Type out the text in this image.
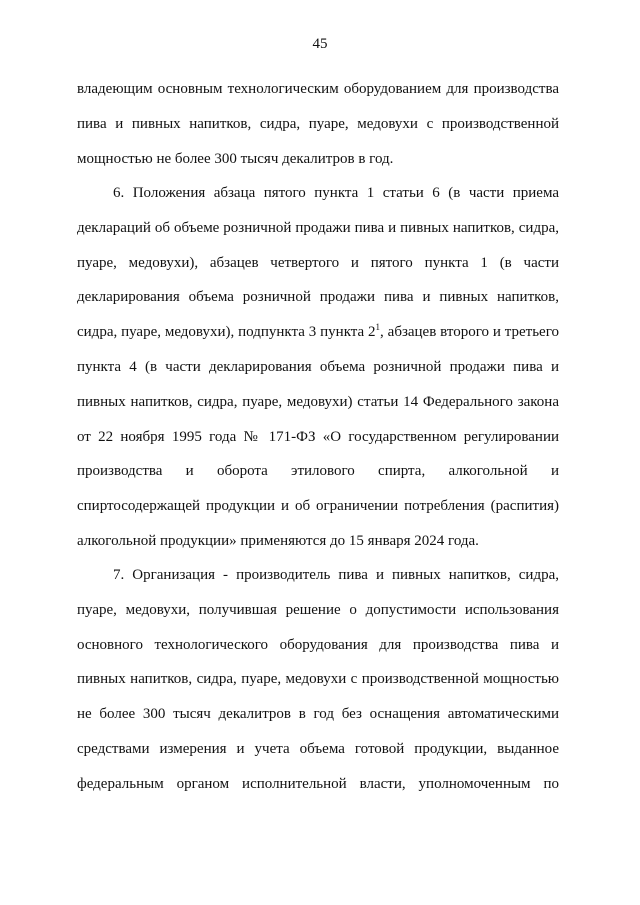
45
владеющим основным технологическим оборудованием для производства
пива и пивных напитков, сидра, пуаре, медовухи с производственной
мощностью не более 300 тысяч декалитров в год.
6. Положения абзаца пятого пункта 1 статьи 6 (в части приема
деклараций об объеме розничной продажи пива и пивных напитков, сидра,
пуаре, медовухи), абзацев четвертого и пятого пункта 1 (в части
декларирования объема розничной продажи пива и пивных напитков,
сидра, пуаре, медовухи), подпункта 3 пункта $2^1$, абзацев второго и третьего
пункта 4 (в части декларирования объема розничной продажи пива и
пивных напитков, сидра, пуаре, медовухи) статьи 14 Федерального закона
от 22 ноября 1995 года № 171-ФЗ «О государственном регулировании
производства и оборота этилового спирта, алкогольной и
спиртосодержащей продукции и об ограничении потребления (распития)
алкогольной продукции» применяются до 15 января 2024 года.
7. Организация - производитель пива и пивных напитков, сидра,
пуаре, медовухи, получившая решение о допустимости использования
основного технологического оборудования для производства пива и
пивных напитков, сидра, пуаре, медовухи с производственной мощностью
не более 300 тысяч декалитров в год без оснащения автоматическими
средствами измерения и учета объема готовой продукции, выданное
федеральным органом исполнительной власти, уполномоченным по
